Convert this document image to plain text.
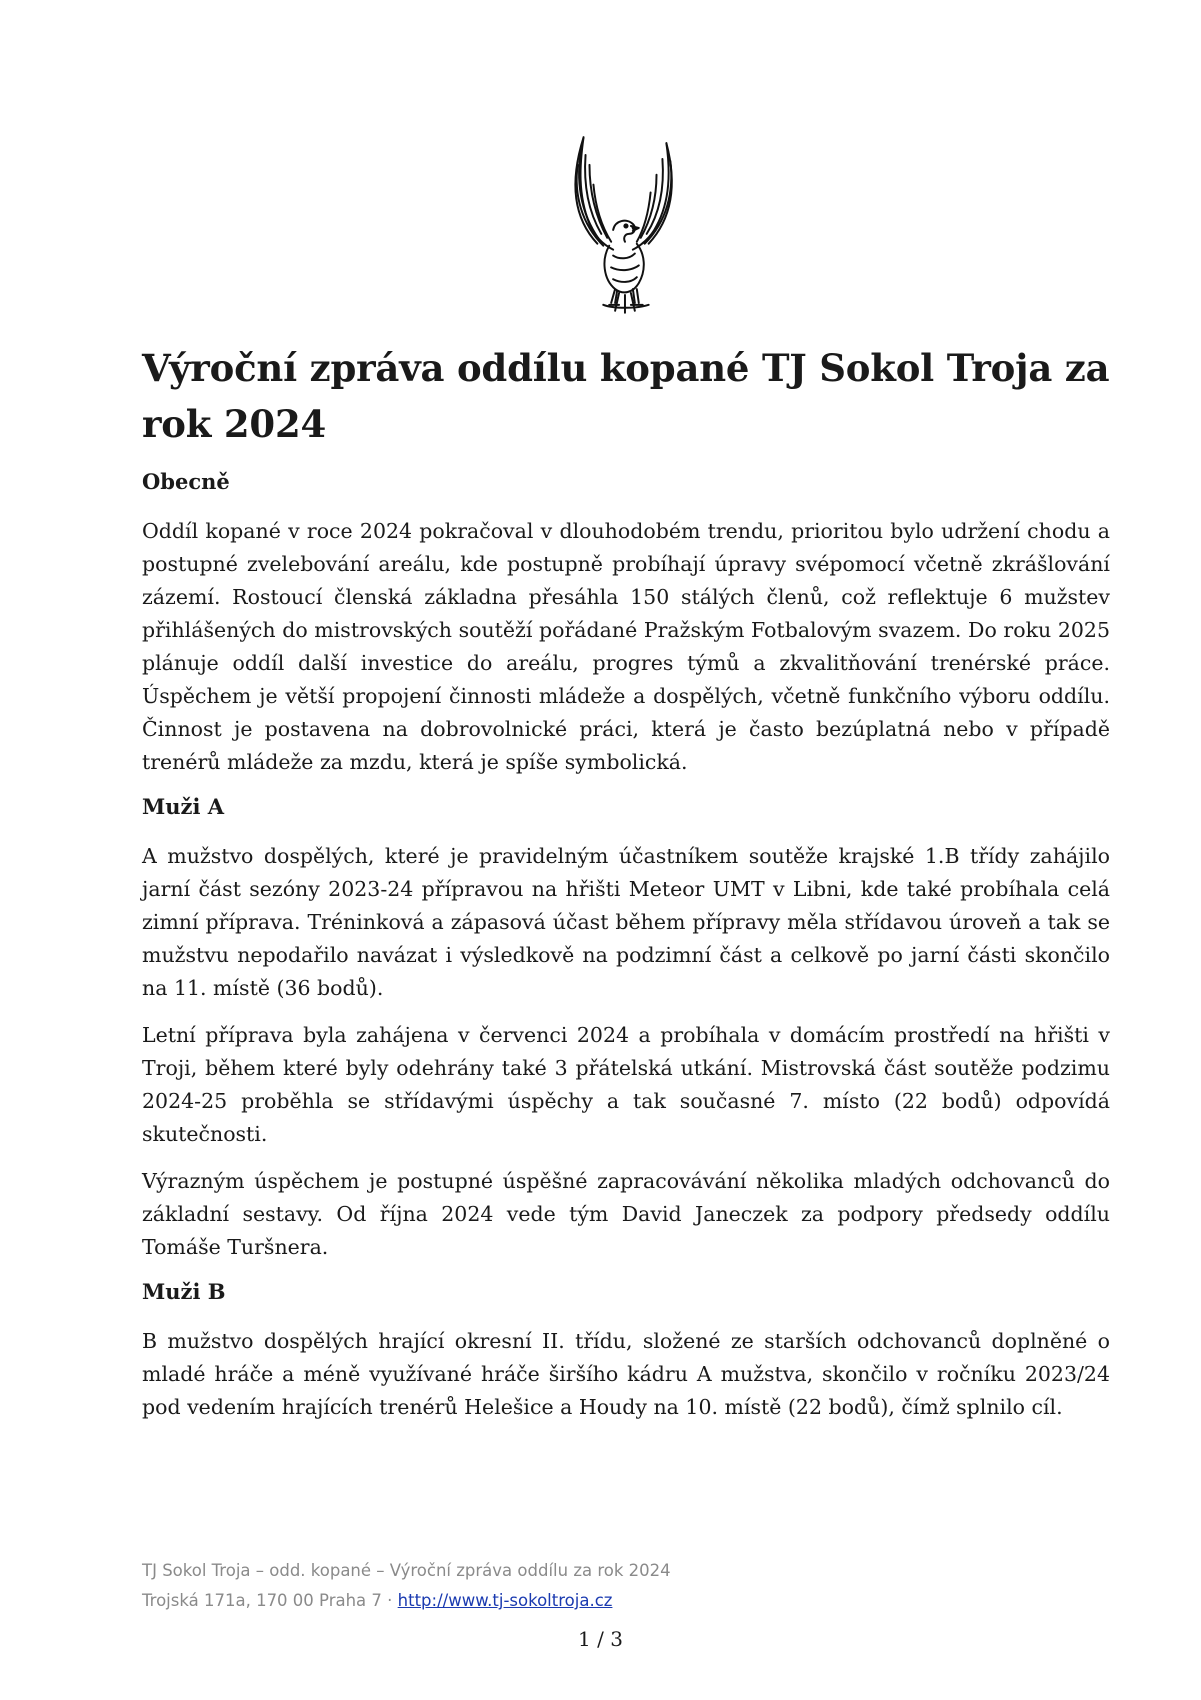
Výroční zpráva oddílu kopané TJ Sokol Troja za rok 2024
Obecně

Oddíl kopané v roce 2024 pokračoval v dlouhodobém trendu, prioritou bylo udržení chodu a postupné zvelebování areálu, kde postupně probíhají úpravy svépomocí včetně zkrášlování zázemí. Rostoucí členská základna přesáhla 150 stálých členů, což reflektuje 6 mužstev přihlášených do mistrovských soutěží pořádané Pražským Fotbalovým svazem. Do roku 2025 plánuje oddíl další investice do areálu, progres týmů a zkvalitňování trenérské práce. Úspěchem je větší propojení činnosti mládeže a dospělých, včetně funkčního výboru oddílu. Činnost je postavena na dobrovolnické práci, která je často bezúplatná nebo v případě trenérů mládeže za mzdu, která je spíše symbolická.

Muži A

A mužstvo dospělých, které je pravidelným účastníkem soutěže krajské 1.B třídy zahájilo jarní část sezóny 2023-24 přípravou na hřišti Meteor UMT v Libni, kde také probíhala celá zimní příprava. Tréninková a zápasová účast během přípravy měla střídavou úroveň a tak se mužstvu nepodařilo navázat i výsledkově na podzimní část a celkově po jarní části skončilo na 11. místě (36 bodů).

Letní příprava byla zahájena v červenci 2024 a probíhala v domácím prostředí na hřišti v Troji, během které byly odehrány také 3 přátelská utkání. Mistrovská část soutěže podzimu 2024-25 proběhla se střídavými úspěchy a tak současné 7. místo (22 bodů) odpovídá skutečnosti.

Výrazným úspěchem je postupné úspěšné zapracovávání několika mladých odchovanců do základní sestavy. Od října 2024 vede tým David Janeczek za podpory předsedy oddílu Tomáše Turšnera.

Muži B

B mužstvo dospělých hrající okresní II. třídu, složené ze starších odchovanců doplněné o mladé hráče a méně využívané hráče širšího kádru A mužstva, skončilo v ročníku 2023/24 pod vedením hrajících trenérů Helešice a Houdy na 10. místě (22 bodů), čímž splnilo cíl.

TJ Sokol Troja – odd. kopané – Výroční zpráva oddílu za rok 2024
Trojská 171a, 170 00 Praha 7 · http://www.tj-sokoltroja.cz
1 / 3
